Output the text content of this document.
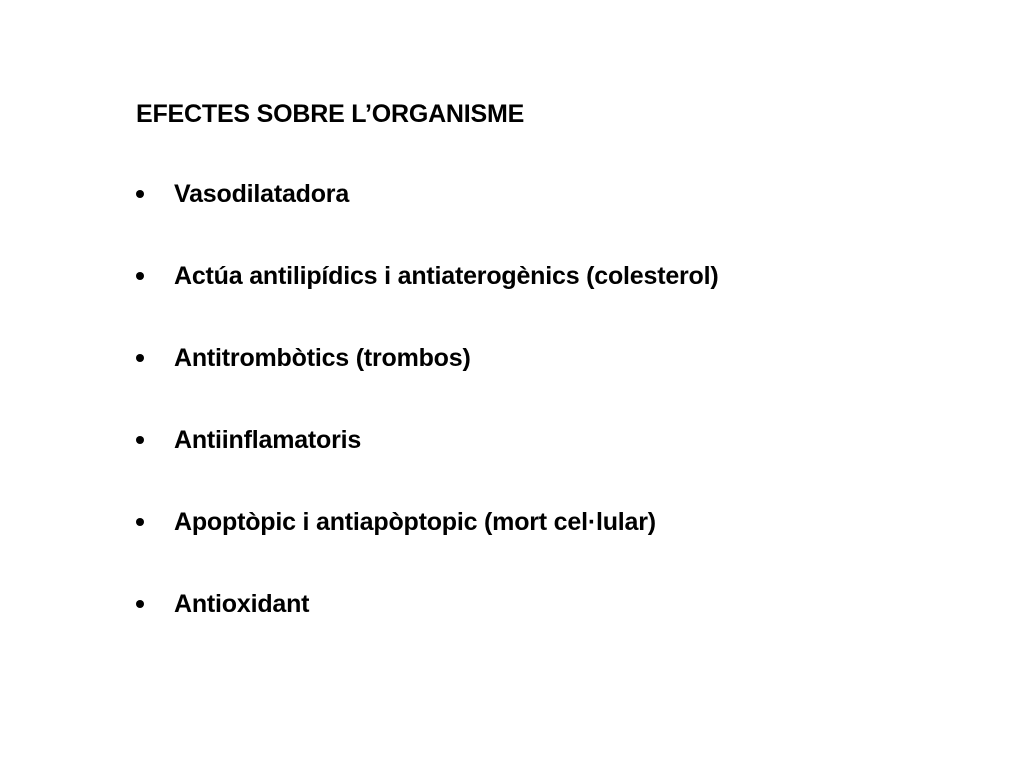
EFECTES SOBRE L’ORGANISME
Vasodilatadora
Actúa antilipídics i antiaterogènics (colesterol)
Antitrombòtics (trombos)
Antiinflamatoris
Apoptòpic i antiapòptopic (mort cel·lular)
Antioxidant
